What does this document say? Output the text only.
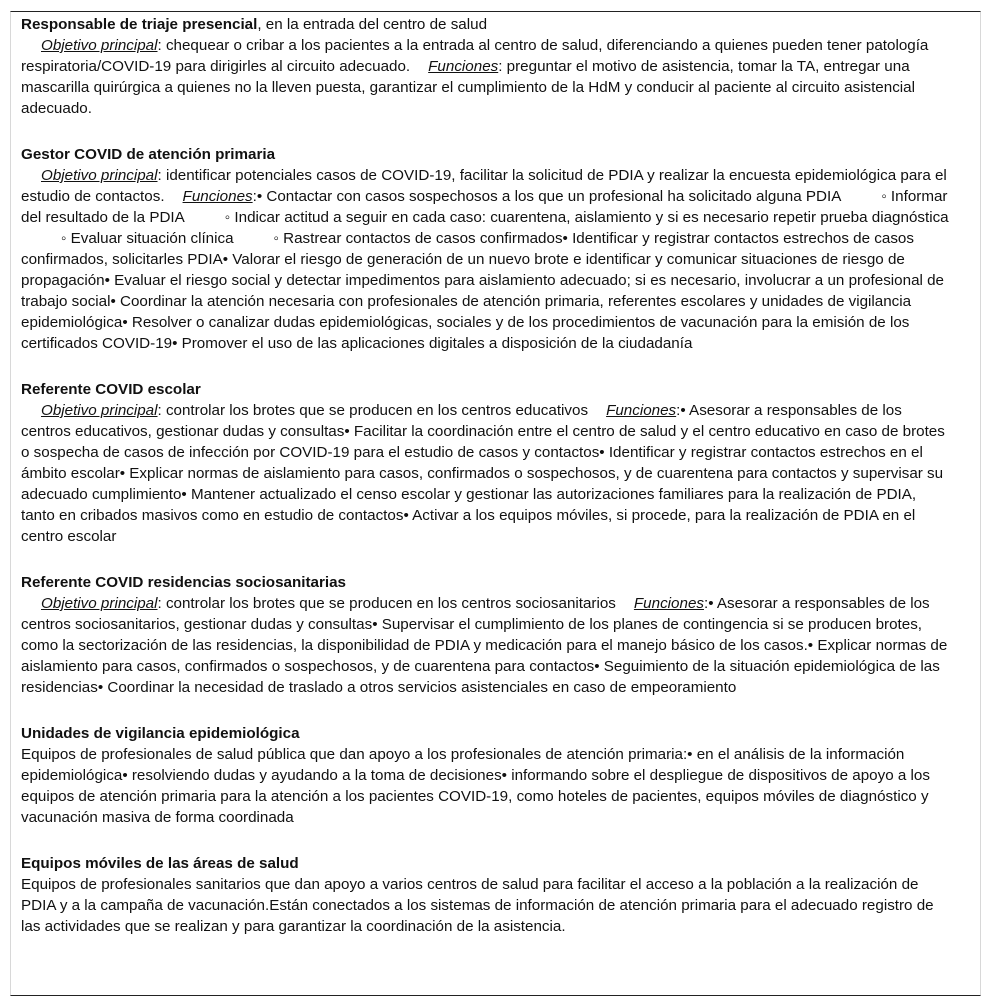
Responsable de triaje presencial, en la entrada del centro de salud
Objetivo principal: chequear o cribar a los pacientes a la entrada al centro de salud, diferenciando a quienes pueden tener patología respiratoria/COVID-19 para dirigirles al circuito adecuado. Funciones: preguntar el motivo de asistencia, tomar la TA, entregar una mascarilla quirúrgica a quienes no la lleven puesta, garantizar el cumplimiento de la HdM y conducir al paciente al circuito asistencial adecuado.
Gestor COVID de atención primaria
Objetivo principal: identificar potenciales casos de COVID-19, facilitar la solicitud de PDIA y realizar la encuesta epidemiológica para el estudio de contactos. Funciones:• Contactar con casos sospechosos a los que un profesional ha solicitado alguna PDIA	◦ Informar del resultado de la PDIA	◦ Indicar actitud a seguir en cada caso: cuarentena, aislamiento y si es necesario repetir prueba diagnóstica◦ Evaluar situación clínica	◦ Rastrear contactos de casos confirmados• Identificar y registrar contactos estrechos de casos confirmados, solicitarles PDIA• Valorar el riesgo de generación de un nuevo brote e identificar y comunicar situaciones de riesgo de propagación• Evaluar el riesgo social y detectar impedimentos para aislamiento adecuado; si es necesario, involucrar a un profesional de trabajo social• Coordinar la atención necesaria con profesionales de atención primaria, referentes escolares y unidades de vigilancia epidemiológica• Resolver o canalizar dudas epidemiológicas, sociales y de los procedimientos de vacunación para la emisión de los certificados COVID-19• Promover el uso de las aplicaciones digitales a disposición de la ciudadanía
Referente COVID escolar
Objetivo principal: controlar los brotes que se producen en los centros educativos Funciones:• Asesorar a responsables de los centros educativos, gestionar dudas y consultas• Facilitar la coordinación entre el centro de salud y el centro educativo en caso de brotes o sospecha de casos de infección por COVID-19 para el estudio de casos y contactos• Identificar y registrar contactos estrechos en el ámbito escolar• Explicar normas de aislamiento para casos, confirmados o sospechosos, y de cuarentena para contactos y supervisar su adecuado cumplimiento• Mantener actualizado el censo escolar y gestionar las autorizaciones familiares para la realización de PDIA, tanto en cribados masivos como en estudio de contactos• Activar a los equipos móviles, si procede, para la realización de PDIA en el centro escolar
Referente COVID residencias sociosanitarias
Objetivo principal: controlar los brotes que se producen en los centros sociosanitarios Funciones:• Asesorar a responsables de los centros sociosanitarios, gestionar dudas y consultas• Supervisar el cumplimiento de los planes de contingencia si se producen brotes, como la sectorización de las residencias, la disponibilidad de PDIA y medicación para el manejo básico de los casos.• Explicar normas de aislamiento para casos, confirmados o sospechosos, y de cuarentena para contactos• Seguimiento de la situación epidemiológica de las residencias• Coordinar la necesidad de traslado a otros servicios asistenciales en caso de empeoramiento
Unidades de vigilancia epidemiológica
Equipos de profesionales de salud pública que dan apoyo a los profesionales de atención primaria:• en el análisis de la información epidemiológica• resolviendo dudas y ayudando a la toma de decisiones• informando sobre el despliegue de dispositivos de apoyo a los equipos de atención primaria para la atención a los pacientes COVID-19, como hoteles de pacientes, equipos móviles de diagnóstico y vacunación masiva de forma coordinada
Equipos móviles de las áreas de salud
Equipos de profesionales sanitarios que dan apoyo a varios centros de salud para facilitar el acceso a la población a la realización de PDIA y a la campaña de vacunación.Están conectados a los sistemas de información de atención primaria para el adecuado registro de las actividades que se realizan y para garantizar la coordinación de la asistencia.
